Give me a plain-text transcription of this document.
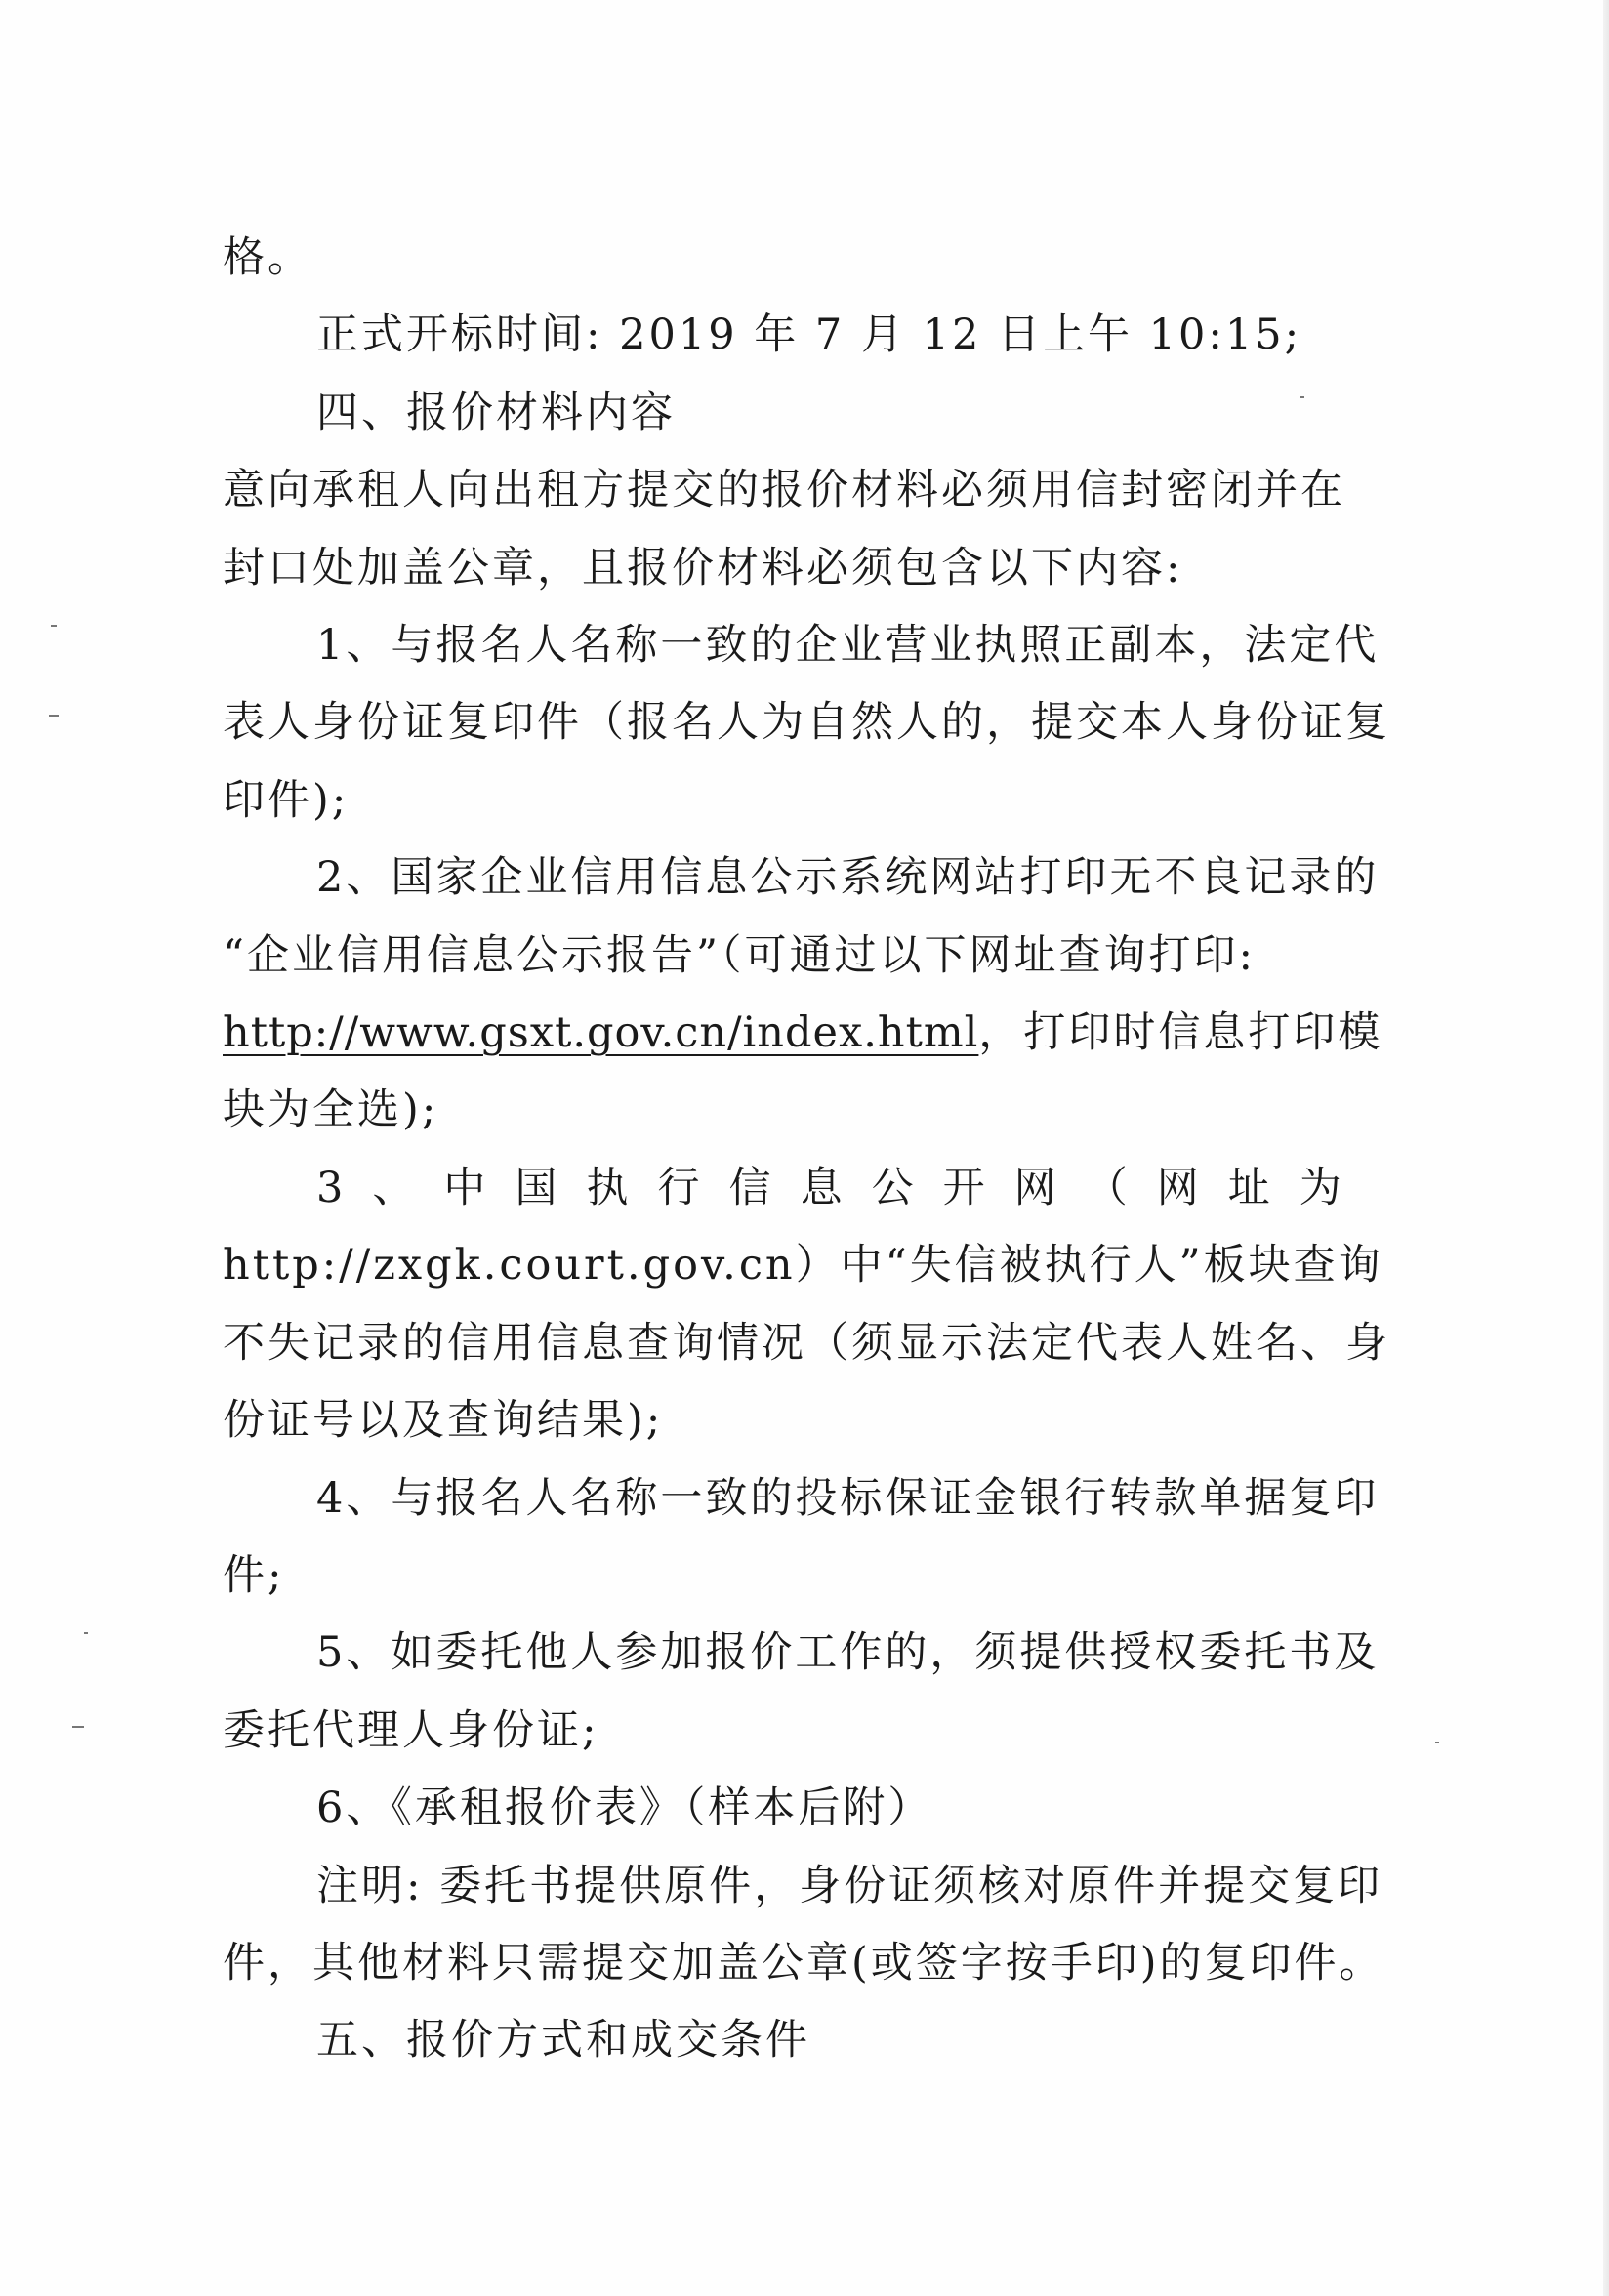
格。

正式开标时间: 2019 年 7 月 12 日上午 10:15;

四、报价材料内容

意向承租人向出租方提交的报价材料必须用信封密闭并在

封口处加盖公章，且报价材料必须包含以下内容:

1、与报名人名称一致的企业营业执照正副本，法定代

表人身份证复印件（报名人为自然人的，提交本人身份证复

印件);

2、国家企业信用信息公示系统网站打印无不良记录的

“企业信用信息公示报告”（可通过以下网址查询打印:

http://www.gsxt.gov.cn/index.html，打印时信息打印模

块为全选);

3 、 中 国 执 行 信 息 公 开 网 （ 网 址 为

http://zxgk.court.gov.cn）中“失信被执行人”板块查询

不失记录的信用信息查询情况（须显示法定代表人姓名、身

份证号以及查询结果);

4、与报名人名称一致的投标保证金银行转款单据复印

件;

5、如委托他人参加报价工作的，须提供授权委托书及

委托代理人身份证;

6、《承租报价表》（样本后附）

注明: 委托书提供原件，身份证须核对原件并提交复印

件，其他材料只需提交加盖公章(或签字按手印)的复印件。

五、报价方式和成交条件
